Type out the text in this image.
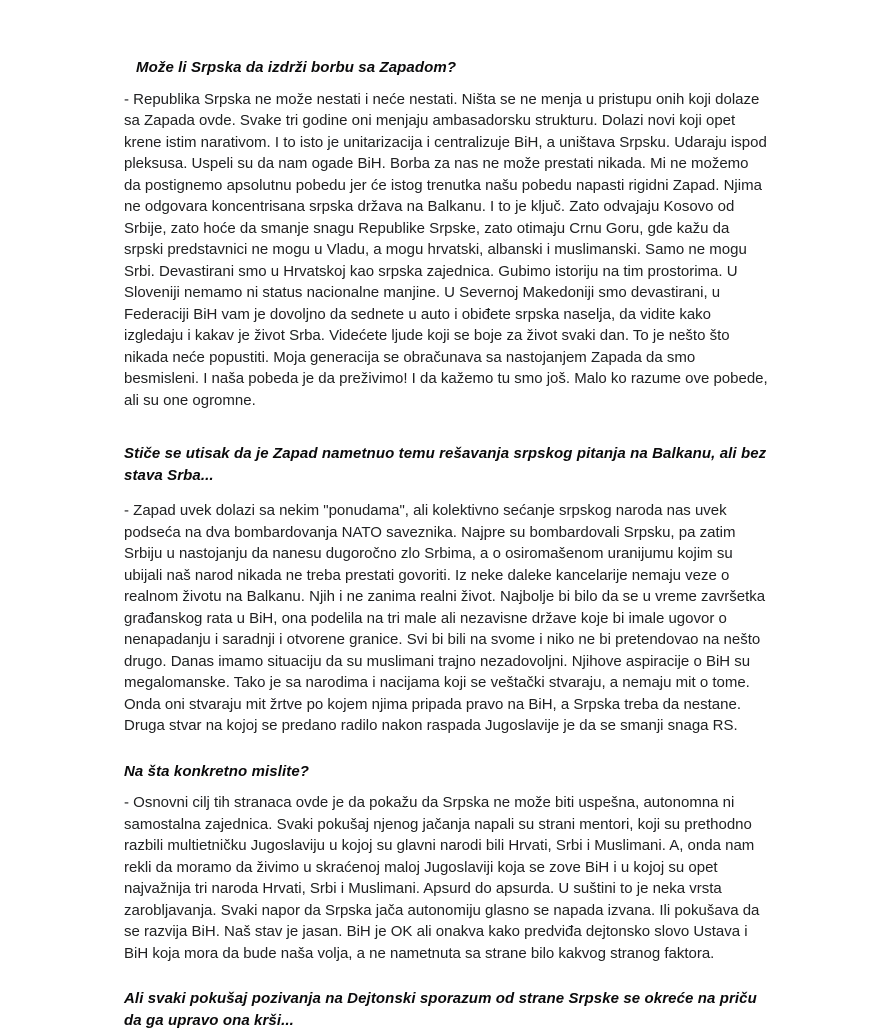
Može li Srpska da izdrži borbu sa Zapadom?

- Republika Srpska ne može nestati i neće nestati. Ništa se ne menja u pristupu onih koji dolaze sa Zapada ovde. Svake tri godine oni menjaju ambasadorsku strukturu. Dolazi novi koji opet krene istim narativom. I to isto je unitarizacija i centralizuje BiH, a uništava Srpsku. Udaraju ispod pleksusa. Uspeli su da nam ogade BiH. Borba za nas ne može prestati nikada. Mi ne možemo da postignemo apsolutnu pobedu jer će istog trenutka našu pobedu napasti rigidni Zapad. Njima ne odgovara koncentrisana srpska država na Balkanu. I to je ključ. Zato odvajaju Kosovo od Srbije, zato hoće da smanje snagu Republike Srpske, zato otimaju Crnu Goru, gde kažu da srpski predstavnici ne mogu u Vladu, a mogu hrvatski, albanski i muslimanski. Samo ne mogu Srbi. Devastirani smo u Hrvatskoj kao srpska zajednica. Gubimo istoriju na tim prostorima. U Sloveniji nemamo ni status nacionalne manjine. U Severnoj Makedoniji smo devastirani, u Federaciji BiH vam je dovoljno da sednete u auto i obiđete srpska naselja, da vidite kako izgledaju i kakav je život Srba. Videćete ljude koji se boje za život svaki dan. To je nešto što nikada neće popustiti. Moja generacija se obračunava sa nastojanjem Zapada da smo besmisleni. I naša pobeda je da preživimo! I da kažemo tu smo još. Malo ko razume ove pobede, ali su one ogromne.

Stiče se utisak da je Zapad nametnuo temu rešavanja srpskog pitanja na Balkanu, ali bez stava Srba...

- Zapad uvek dolazi sa nekim "ponudama", ali kolektivno sećanje srpskog naroda nas uvek podseća na dva bombardovanja NATO saveznika. Najpre su bombardovali Srpsku, pa zatim Srbiju u nastojanju da nanesu dugoročno zlo Srbima, a o osiromašenom uranijumu kojim su ubijali naš narod nikada ne treba prestati govoriti. Iz neke daleke kancelarije nemaju veze o realnom životu na Balkanu. Njih i ne zanima realni život. Najbolje bi bilo da se u vreme završetka građanskog rata u BiH, ona podelila na tri male ali nezavisne države koje bi imale ugovor o nenapadanju i saradnji i otvorene granice. Svi bi bili na svome i niko ne bi pretendovao na nešto drugo. Danas imamo situaciju da su muslimani trajno nezadovoljni. Njihove aspiracije o BiH su megalomanske. Tako je sa narodima i nacijama koji se veštački stvaraju, a nemaju mit o tome. Onda oni stvaraju mit žrtve po kojem njima pripada pravo na BiH, a Srpska treba da nestane. Druga stvar na kojoj se predano radilo nakon raspada Jugoslavije je da se smanji snaga RS.

Na šta konkretno mislite?

- Osnovni cilj tih stranaca ovde je da pokažu da Srpska ne može biti uspešna, autonomna ni samostalna zajednica. Svaki pokušaj njenog jačanja napali su strani mentori, koji su prethodno razbili multietničku Jugoslaviju u kojoj su glavni narodi bili Hrvati, Srbi i Muslimani. A, onda nam rekli da moramo da živimo u skraćenoj maloj Jugoslaviji koja se zove BiH i u kojoj su opet najvažnija tri naroda Hrvati, Srbi i Muslimani. Apsurd do apsurda. U suštini to je neka vrsta zarobljavanja. Svaki napor da Srpska jača autonomiju glasno se napada izvana. Ili pokušava da se razvija BiH. Naš stav je jasan. BiH je OK ali onakva kako predviđa dejtonsko slovo Ustava i BiH koja mora da bude naša volja, a ne nametnuta sa strane bilo kakvog stranog faktora.

Ali svaki pokušaj pozivanja na Dejtonski sporazum od strane Srpske se okreće na priču da ga upravo ona krši...
